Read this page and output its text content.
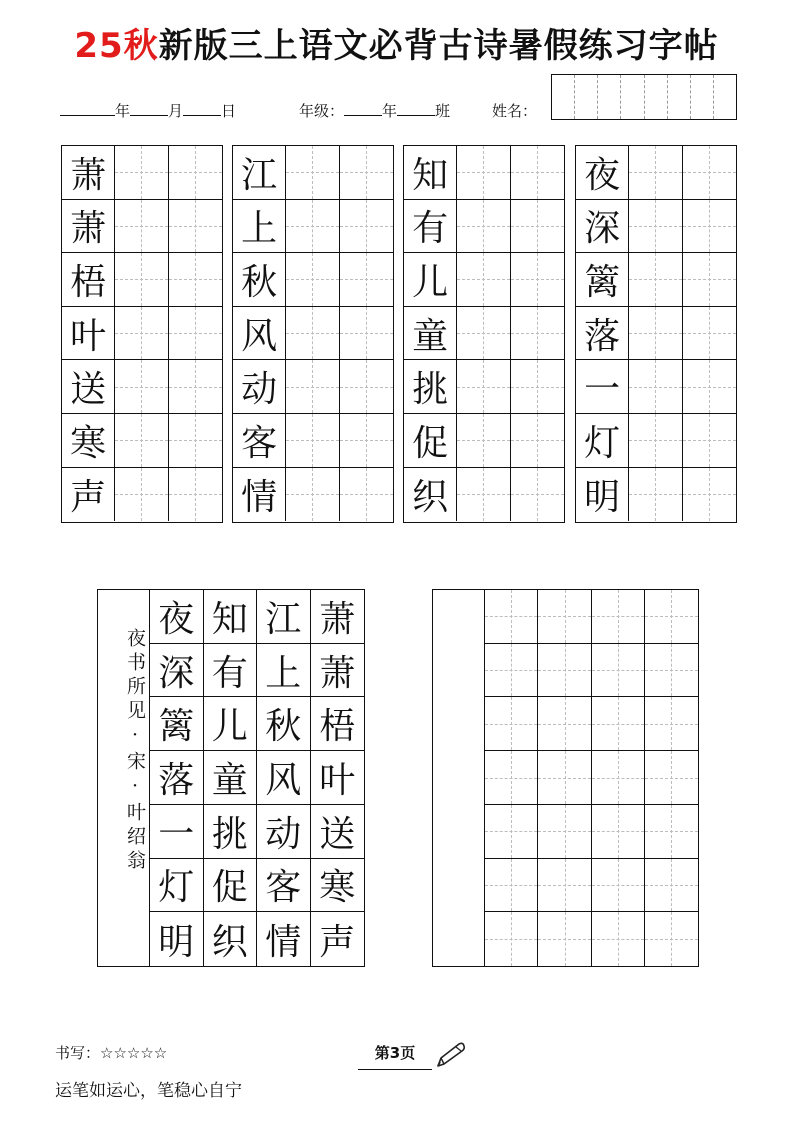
25秋新版三上语文必背古诗暑假练习字帖
年	月	日	年级：	年	班	姓名：
萧
萧
梧
叶
送
寒
声
江
上
秋
风
动
客
情
知
有
儿
童
挑
促
织
夜
深
篱
落
一
灯
明
夜书所见·宋·叶绍翁
夜 知 江 萧
深 有 上 萧
篱 儿 秋 梧
落 童 风 叶
一 挑 动 送
灯 促 客 寒
明 织 情 声
书写：☆☆☆☆☆	第3页
运笔如运心，笔稳心自宁
